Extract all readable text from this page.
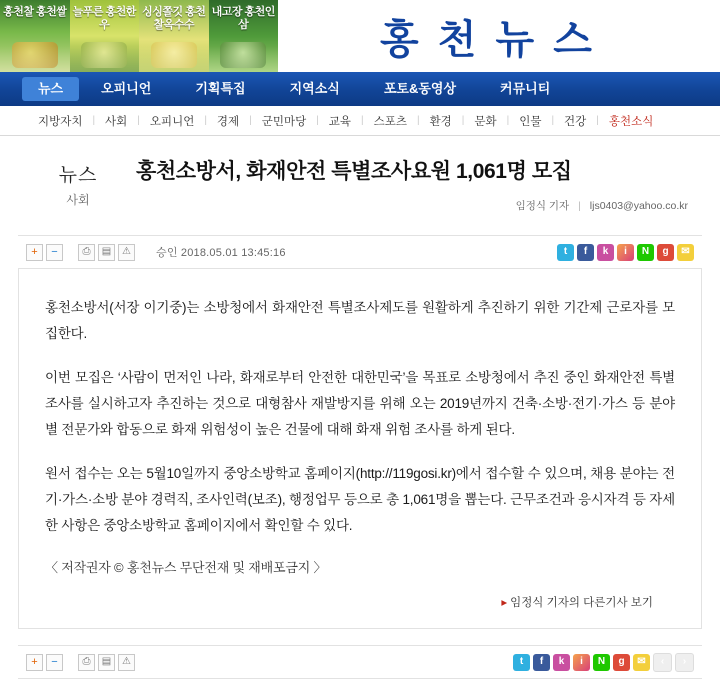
홍천찰 홍천쌀 늘푸른 홍천한우
싱싱쫄깃 홍천찰옥수수
내고장 홍천인삼	홍 천 뉴 스
뉴스	오피니언	기획특집	지역소식	포토&동영상	커뮤니티
지방자치	| 사회	| 오피니언	| 경제	| 군민마당	| 교육	| 스포츠	| 환경	| 문화	| 인물	| 건강	| 홍천소식
뉴스
사회
홍천소방서, 화재안전 특별조사요원 1,061명 모집
임정식 기자 | ljs0403@yahoo.co.kr
+	−	⎙	▤	⚠	승인 2018.05.01 13:45:16	t	f	k	i	N	g	✉

홍천소방서(서장 이기중)는 소방청에서 화재안전 특별조사제도를 원활하게 추진하기 위한 기간제 근로자를 모집한다.

이번 모집은 ‘사람이 먼저인 나라, 화재로부터 안전한 대한민국’을 목표로 소방청에서 추진 중인 화재안전 특별조사를 실시하고자 추진하는 것으로 대형참사 재발방지를 위해 오는 2019년까지 건축·소방·전기·가스 등 분야별 전문가와 합동으로 화재 위험성이 높은 건물에 대해 화재 위험 조사를 하게 된다.

원서 접수는 오는 5월10일까지 중앙소방학교 홈페이지(http://119gosi.kr)에서 접수할 수 있으며, 채용 분야는 전기·가스·소방 분야 경력직, 조사인력(보조), 행정업무 등으로 총 1,061명을 뽑는다. 근무조건과 응시자격 등 자세한 사항은 중앙소방학교 홈페이지에서 확인할 수 있다.

〈 저작권자 © 홍천뉴스 무단전재 및 재배포금지 〉
▸ 임정식 기자의 다른기사 보기
+	−	⎙	▤	⚠	t	f	k	i	N	g	✉	‹	›
